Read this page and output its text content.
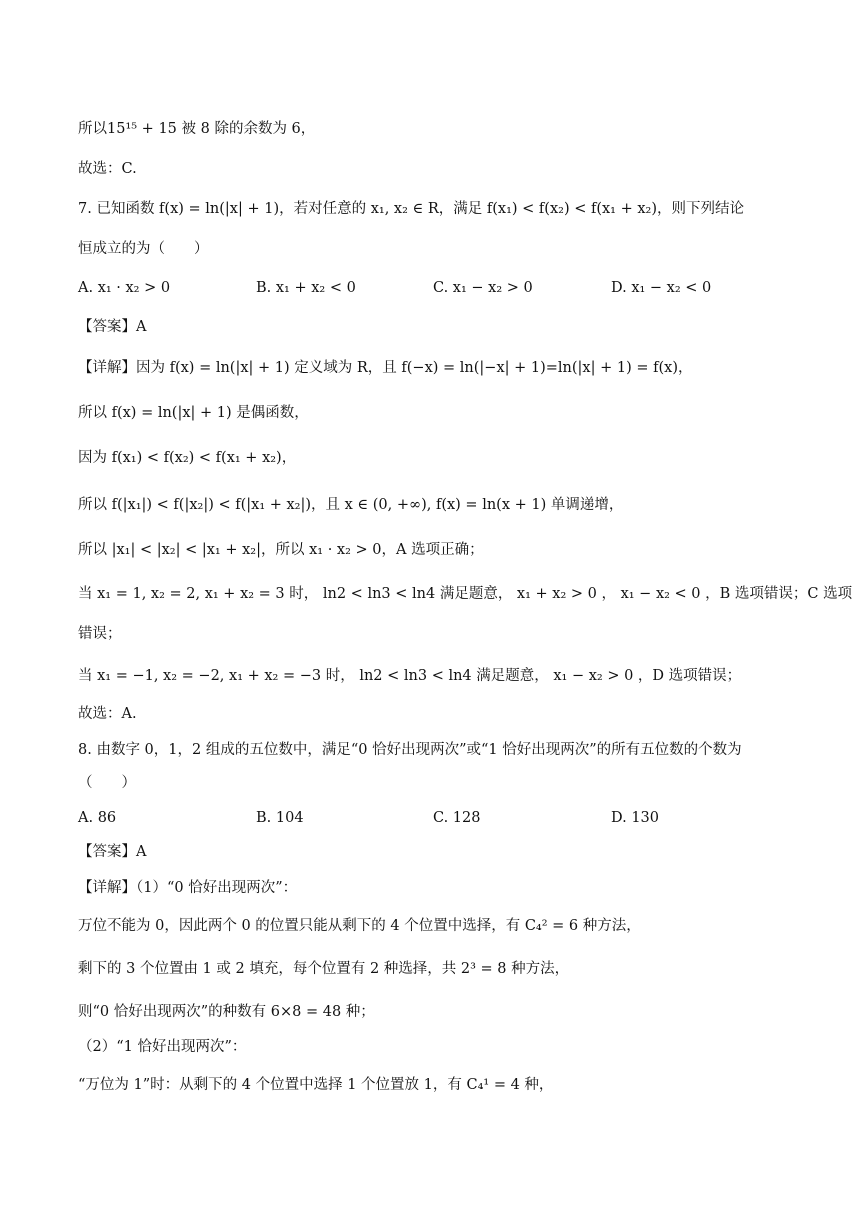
所以15¹⁵ + 15 被 8 除的余数为 6，
故选：C.
7. 已知函数 f(x) = ln(|x| + 1)，若对任意的 x₁, x₂ ∈ R，满足 f(x₁) < f(x₂) < f(x₁ + x₂)，则下列结论
恒成立的为（　　）
A. x₁ · x₂ > 0	B. x₁ + x₂ < 0	C. x₁ − x₂ > 0	D. x₁ − x₂ < 0
【答案】A
【详解】因为 f(x) = ln(|x| + 1) 定义域为 R，且 f(−x) = ln(|−x| + 1)=ln(|x| + 1) = f(x)，
所以 f(x) = ln(|x| + 1) 是偶函数，
因为 f(x₁) < f(x₂) < f(x₁ + x₂)，
所以 f(|x₁|) < f(|x₂|) < f(|x₁ + x₂|)，且 x ∈ (0, +∞), f(x) = ln(x + 1) 单调递增，
所以 |x₁| < |x₂| < |x₁ + x₂|，所以 x₁ · x₂ > 0，A 选项正确；
当 x₁ = 1, x₂ = 2, x₁ + x₂ = 3 时， ln2 < ln3 < ln4 满足题意， x₁ + x₂ > 0 ， x₁ − x₂ < 0 ，B 选项错误；C 选项
错误；
当 x₁ = −1, x₂ = −2, x₁ + x₂ = −3 时， ln2 < ln3 < ln4 满足题意， x₁ − x₂ > 0 ，D 选项错误；
故选：A.
8. 由数字 0，1，2 组成的五位数中，满足“0 恰好出现两次”或“1 恰好出现两次”的所有五位数的个数为
（　　）
A. 86	B. 104	C. 128	D. 130
【答案】A
【详解】（1）“0 恰好出现两次”：
万位不能为 0，因此两个 0 的位置只能从剩下的 4 个位置中选择，有 C₄² = 6 种方法，
剩下的 3 个位置由 1 或 2 填充，每个位置有 2 种选择，共 2³ = 8 种方法，
则“0 恰好出现两次”的种数有 6×8 = 48 种；
（2）“1 恰好出现两次”：
“万位为 1”时：从剩下的 4 个位置中选择 1 个位置放 1，有 C₄¹ = 4 种，
